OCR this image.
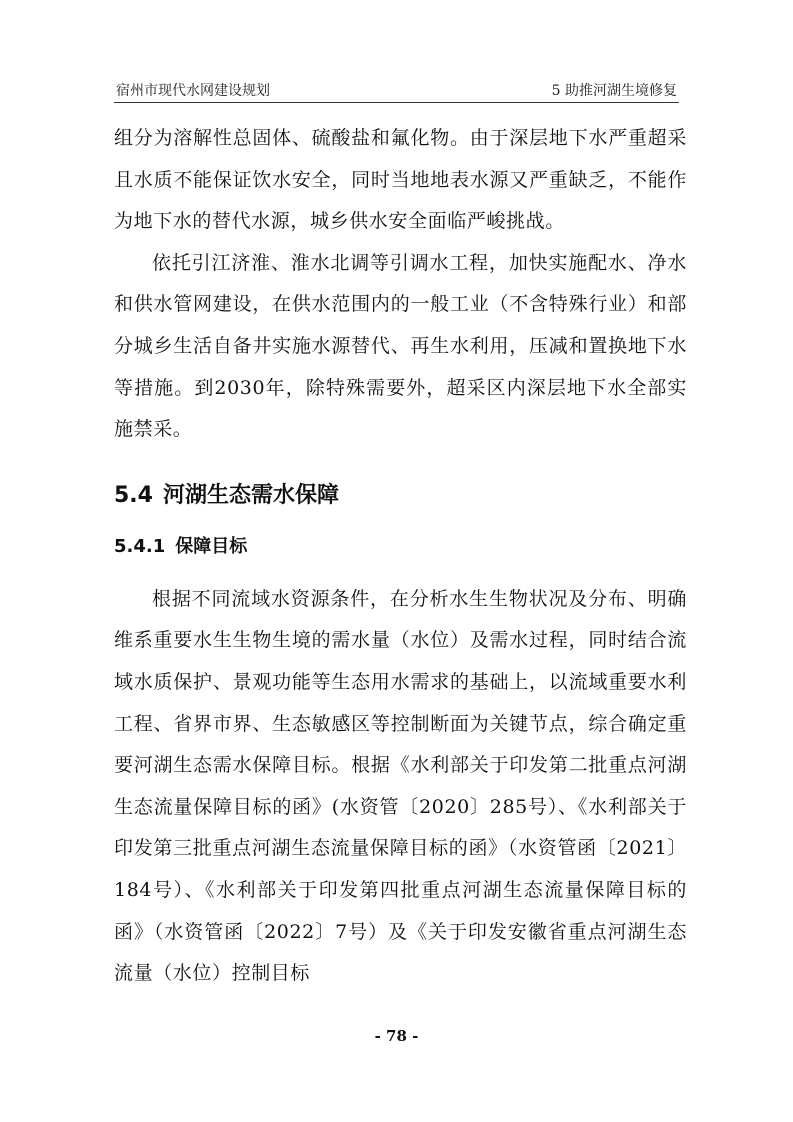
宿州市现代水网建设规划	5 助推河湖生境修复

组分为溶解性总固体、硫酸盐和氟化物。由于深层地下水严重超采且水质不能保证饮水安全，同时当地地表水源又严重缺乏，不能作为地下水的替代水源，城乡供水安全面临严峻挑战。

依托引江济淮、淮水北调等引调水工程，加快实施配水、净水和供水管网建设，在供水范围内的一般工业（不含特殊行业）和部分城乡生活自备井实施水源替代、再生水利用，压减和置换地下水等措施。到2030年，除特殊需要外，超采区内深层地下水全部实施禁采。

5.4 河湖生态需水保障
5.4.1 保障目标

根据不同流域水资源条件，在分析水生生物状况及分布、明确维系重要水生生物生境的需水量（水位）及需水过程，同时结合流域水质保护、景观功能等生态用水需求的基础上，以流域重要水利工程、省界市界、生态敏感区等控制断面为关键节点，综合确定重要河湖生态需水保障目标。根据《水利部关于印发第二批重点河湖生态流量保障目标的函》(水资管〔2020〕285号）、《水利部关于印发第三批重点河湖生态流量保障目标的函》（水资管函〔2021〕184号）、《水利部关于印发第四批重点河湖生态流量保障目标的函》（水资管函〔2022〕7号）及《关于印发安徽省重点河湖生态流量（水位）控制目标

- 78 -
